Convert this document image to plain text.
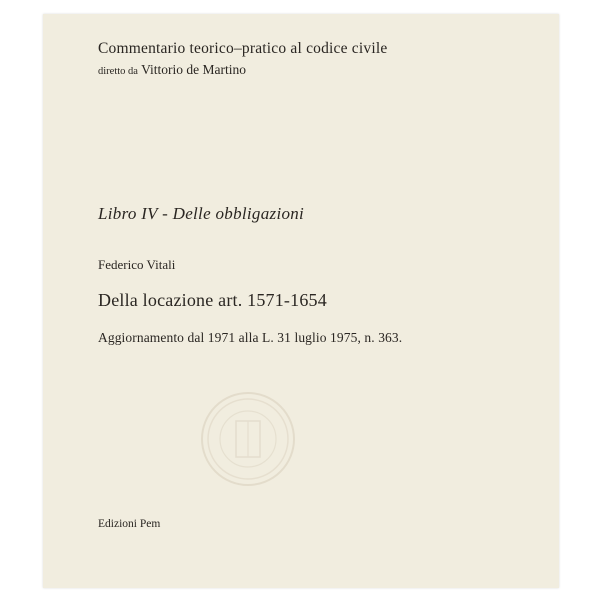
Commentario teorico–pratico al codice civile
diretto da Vittorio de Martino
Libro IV - Delle obbligazioni
Federico Vitali
Della locazione art. 1571-1654
Aggiornamento dal 1971 alla L. 31 luglio 1975, n. 363.
Edizioni Pem
